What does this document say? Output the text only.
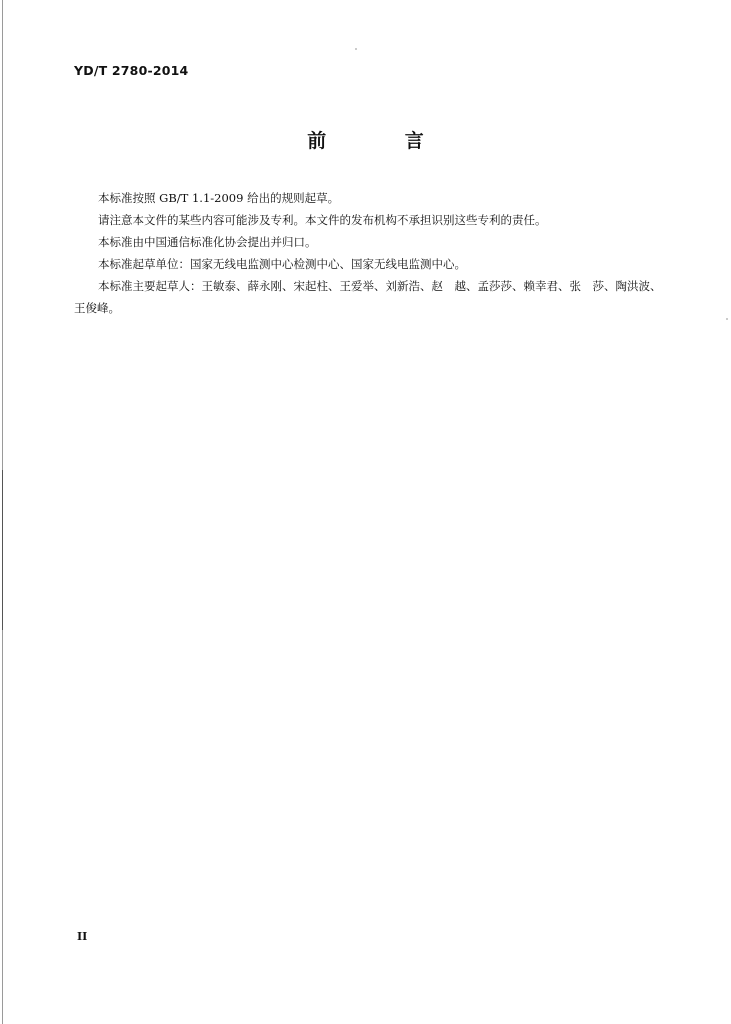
YD/T 2780-2014
前 言

本标准按照 GB/T 1.1-2009 给出的规则起草。

请注意本文件的某些内容可能涉及专利。本文件的发布机构不承担识别这些专利的责任。

本标准由中国通信标准化协会提出并归口。

本标准起草单位：国家无线电监测中心检测中心、国家无线电监测中心。

本标准主要起草人：王敏泰、薛永刚、宋起柱、王爱举、刘新浩、赵　越、孟莎莎、赖幸君、张　莎、陶洪波、王俊峰。

II
